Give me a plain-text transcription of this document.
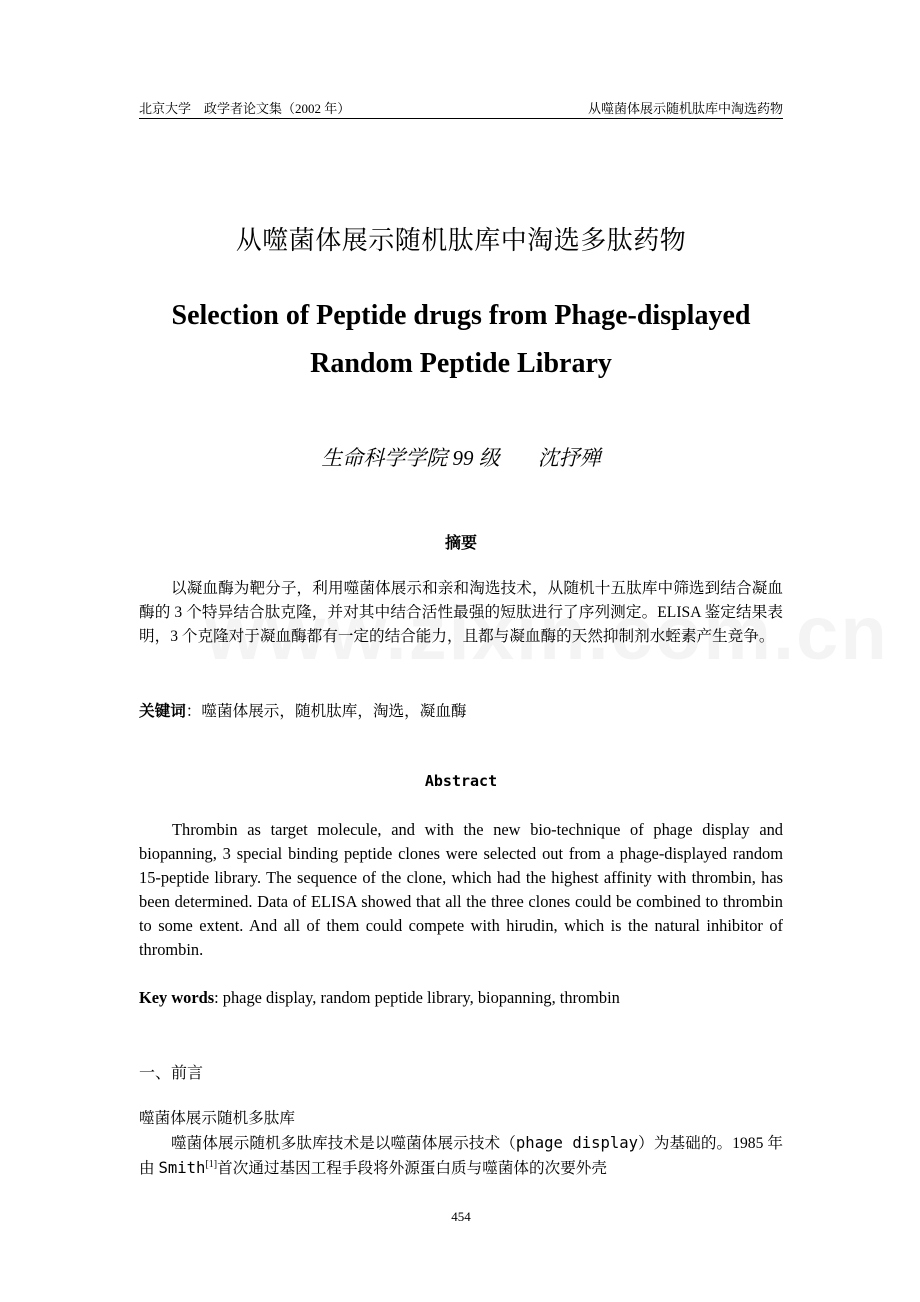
北京大学　政学者论文集（2002 年）	从噬菌体展示随机肽库中淘选药物
从噬菌体展示随机肽库中淘选多肽药物
Selection of Peptide drugs from Phage-displayed
Random Peptide Library
生命科学学院 99 级 沈抒殚
摘要
以凝血酶为靶分子，利用噬菌体展示和亲和淘选技术，从随机十五肽库中筛选到结合凝血酶的 3 个特异结合肽克隆，并对其中结合活性最强的短肽进行了序列测定。ELISA 鉴定结果表明，3 个克隆对于凝血酶都有一定的结合能力，且都与凝血酶的天然抑制剂水蛭素产生竞争。
关键词：噬菌体展示，随机肽库，淘选，凝血酶
Abstract
Thrombin as target molecule, and with the new bio-technique of phage display and biopanning, 3 special binding peptide clones were selected out from a phage-displayed random 15-peptide library. The sequence of the clone, which had the highest affinity with thrombin, has been determined. Data of ELISA showed that all the three clones could be combined to thrombin to some extent. And all of them could compete with hirudin, which is the natural inhibitor of thrombin.
Key words: phage display, random peptide library, biopanning, thrombin
一、前言
噬菌体展示随机多肽库
噬菌体展示随机多肽库技术是以噬菌体展示技术（phage display）为基础的。1985 年由 Smith[1]首次通过基因工程手段将外源蛋白质与噬菌体的次要外壳
454
